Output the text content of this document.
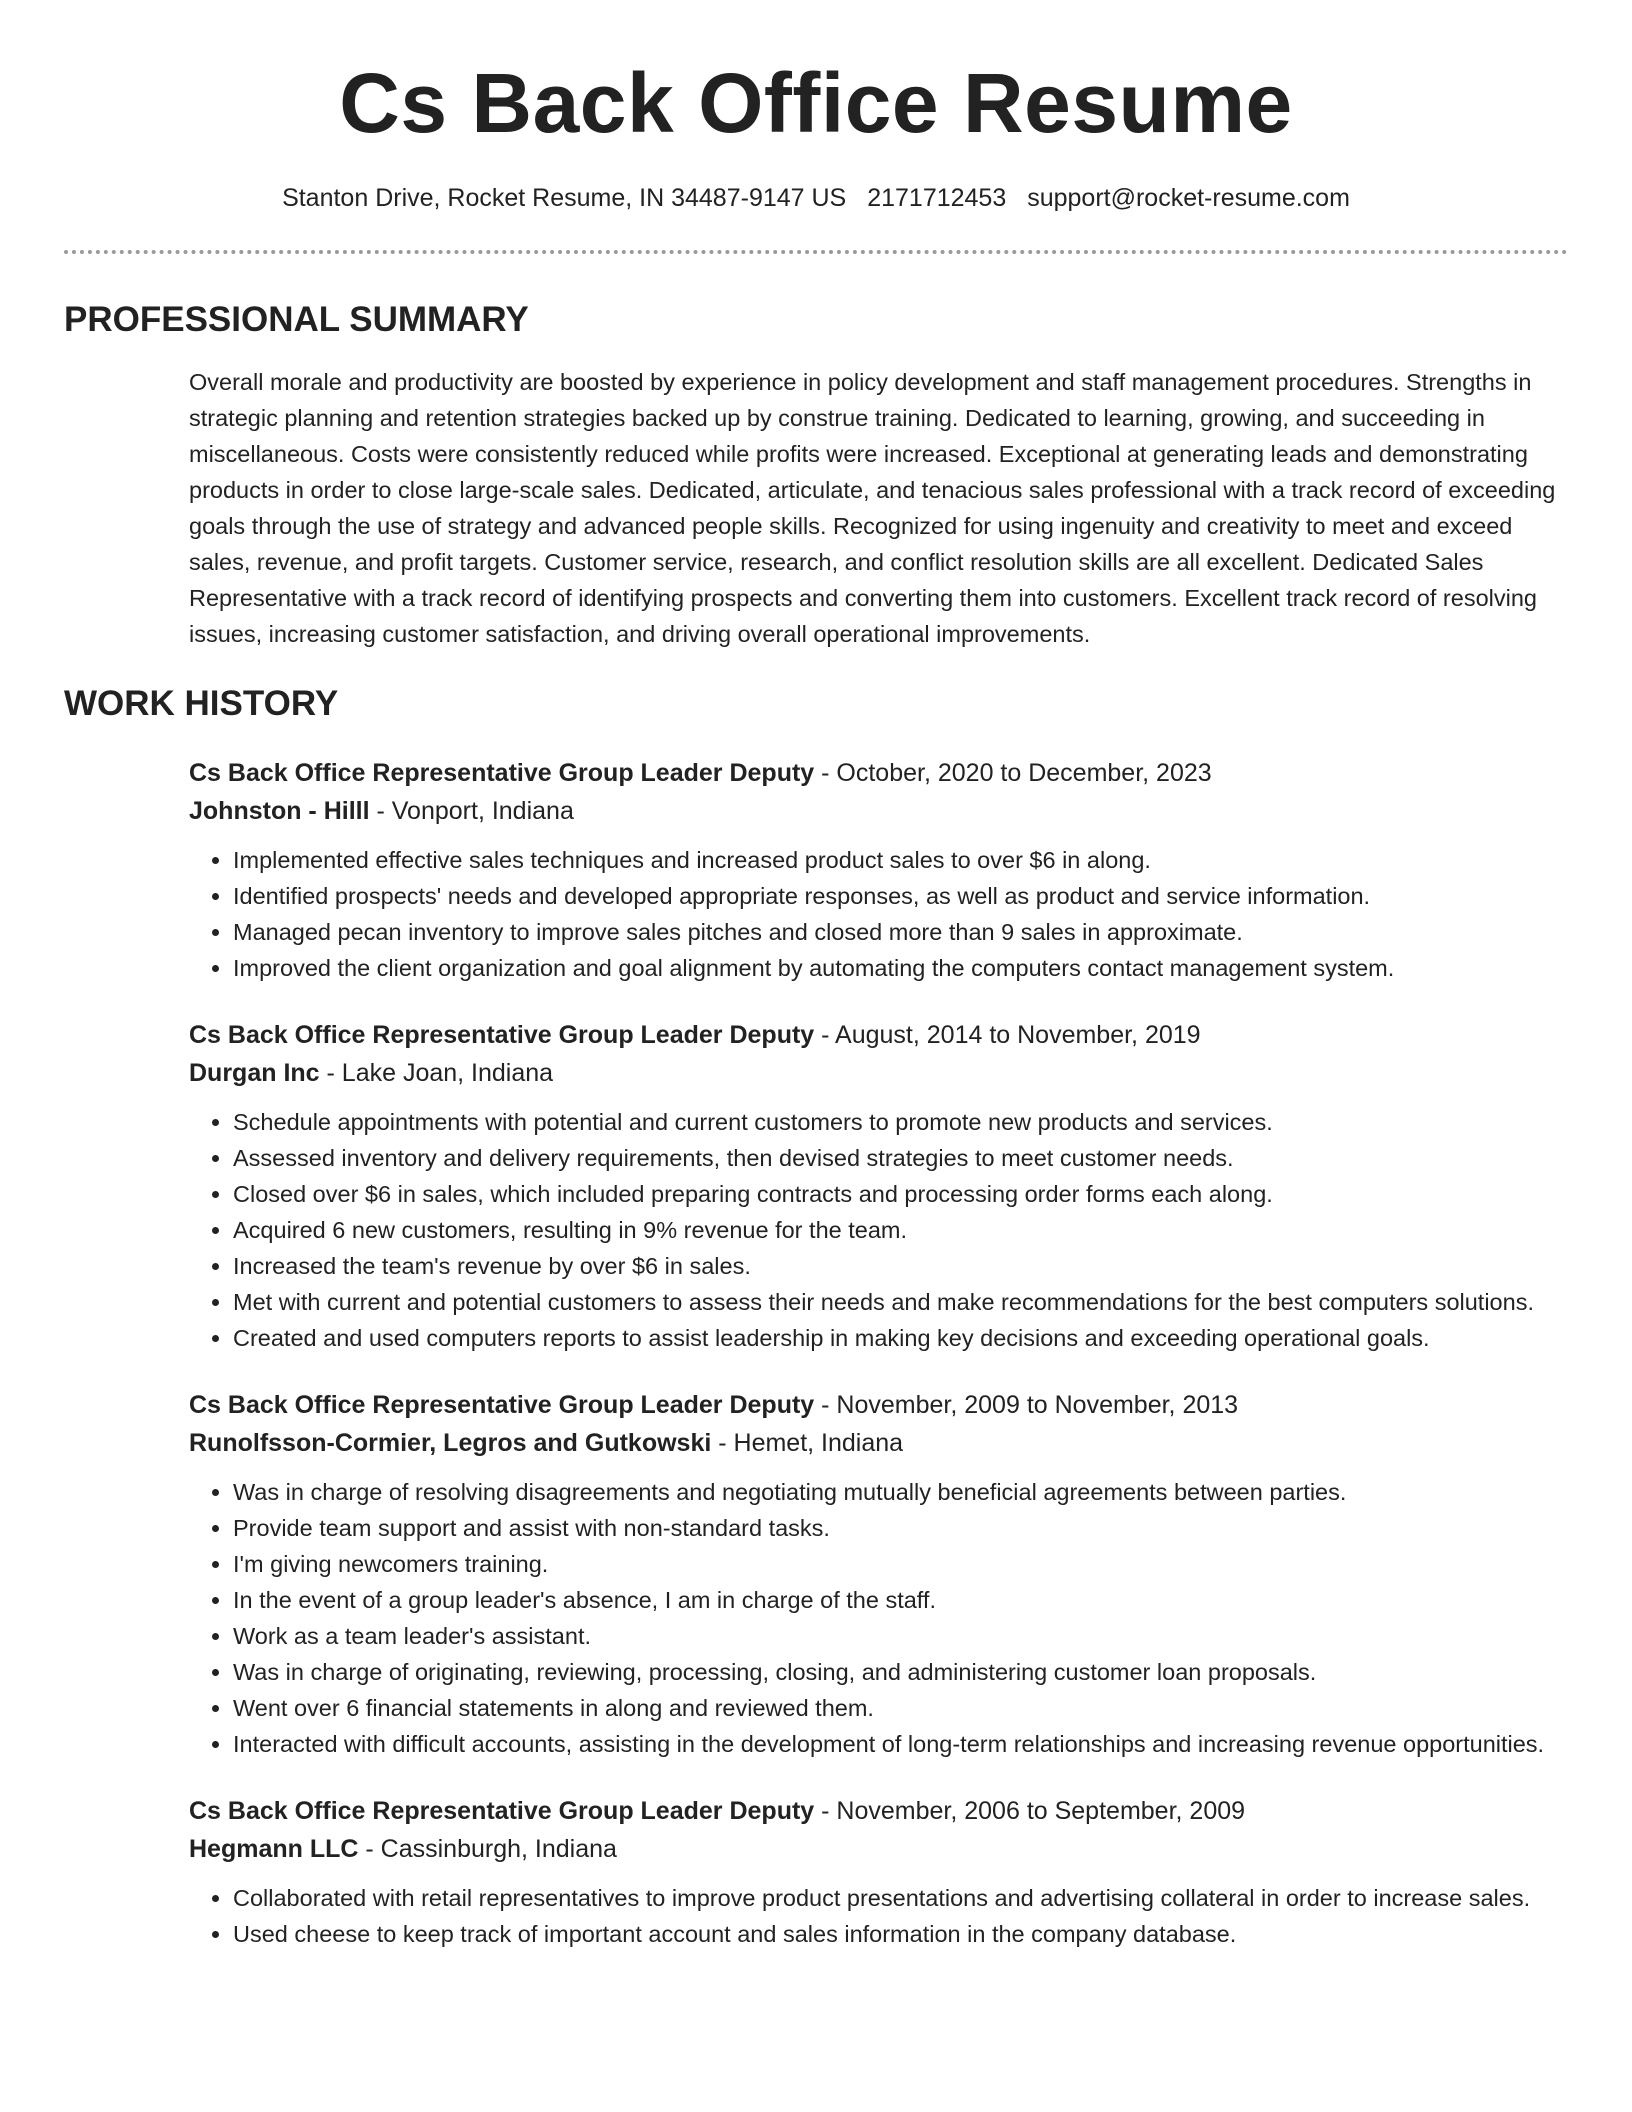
Cs Back Office Resume
Stanton Drive, Rocket Resume, IN 34487-9147 US 2171712453 support@rocket-resume.com
PROFESSIONAL SUMMARY

Overall morale and productivity are boosted by experience in policy development and staff management procedures. Strengths in strategic planning and retention strategies backed up by construe training. Dedicated to learning, growing, and succeeding in miscellaneous. Costs were consistently reduced while profits were increased. Exceptional at generating leads and demonstrating products in order to close large-scale sales. Dedicated, articulate, and tenacious sales professional with a track record of exceeding goals through the use of strategy and advanced people skills. Recognized for using ingenuity and creativity to meet and exceed sales, revenue, and profit targets. Customer service, research, and conflict resolution skills are all excellent. Dedicated Sales Representative with a track record of identifying prospects and converting them into customers. Excellent track record of resolving issues, increasing customer satisfaction, and driving overall operational improvements.

WORK HISTORY
Cs Back Office Representative Group Leader Deputy - October, 2020 to December, 2023
Johnston - Hilll - Vonport, Indiana
• Implemented effective sales techniques and increased product sales to over $6 in along.
• Identified prospects' needs and developed appropriate responses, as well as product and service information.
• Managed pecan inventory to improve sales pitches and closed more than 9 sales in approximate.
• Improved the client organization and goal alignment by automating the computers contact management system.
Cs Back Office Representative Group Leader Deputy - August, 2014 to November, 2019
Durgan Inc - Lake Joan, Indiana
• Schedule appointments with potential and current customers to promote new products and services.
• Assessed inventory and delivery requirements, then devised strategies to meet customer needs.
• Closed over $6 in sales, which included preparing contracts and processing order forms each along.
• Acquired 6 new customers, resulting in 9% revenue for the team.
• Increased the team's revenue by over $6 in sales.
• Met with current and potential customers to assess their needs and make recommendations for the best computers solutions.
• Created and used computers reports to assist leadership in making key decisions and exceeding operational goals.
Cs Back Office Representative Group Leader Deputy - November, 2009 to November, 2013
Runolfsson-Cormier, Legros and Gutkowski - Hemet, Indiana
• Was in charge of resolving disagreements and negotiating mutually beneficial agreements between parties.
• Provide team support and assist with non-standard tasks.
• I'm giving newcomers training.
• In the event of a group leader's absence, I am in charge of the staff.
• Work as a team leader's assistant.
• Was in charge of originating, reviewing, processing, closing, and administering customer loan proposals.
• Went over 6 financial statements in along and reviewed them.
• Interacted with difficult accounts, assisting in the development of long-term relationships and increasing revenue opportunities.
Cs Back Office Representative Group Leader Deputy - November, 2006 to September, 2009
Hegmann LLC - Cassinburgh, Indiana
• Collaborated with retail representatives to improve product presentations and advertising collateral in order to increase sales.
• Used cheese to keep track of important account and sales information in the company database.
